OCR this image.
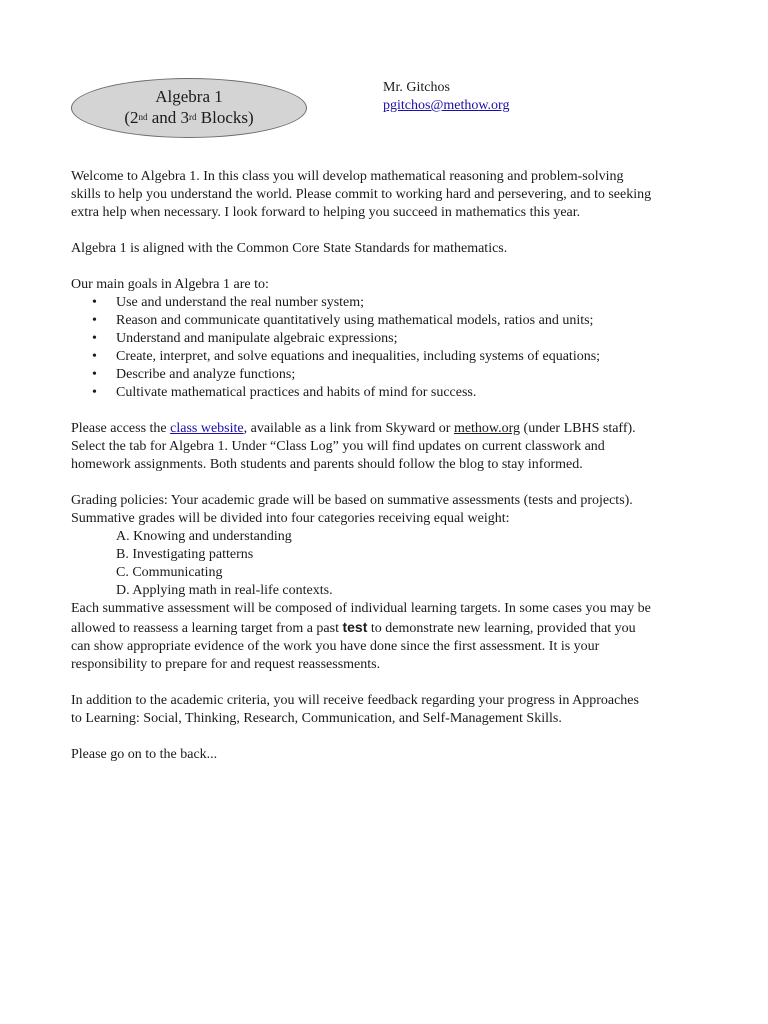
Algebra 1
(2nd and 3rd Blocks)
Mr. Gitchos
pgitchos@methow.org

Welcome to Algebra 1. In this class you will develop mathematical reasoning and problem-solving

skills to help you understand the world. Please commit to working hard and persevering, and to seeking

extra help when necessary. I look forward to helping you succeed in mathematics this year.

Algebra 1 is aligned with the Common Core State Standards for mathematics.

Our main goals in Algebra 1 are to:

• Use and understand the real number system;
• Reason and communicate quantitatively using mathematical models, ratios and units;
• Understand and manipulate algebraic expressions;
• Create, interpret, and solve equations and inequalities, including systems of equations;
• Describe and analyze functions;
• Cultivate mathematical practices and habits of mind for success.

Please access the class website, available as a link from Skyward or methow.org (under LBHS staff).

Select the tab for Algebra 1. Under “Class Log” you will find updates on current classwork and

homework assignments. Both students and parents should follow the blog to stay informed.

Grading policies: Your academic grade will be based on summative assessments (tests and projects).

Summative grades will be divided into four categories receiving equal weight:

A. Knowing and understanding
B. Investigating patterns
C. Communicating
D. Applying math in real-life contexts.

Each summative assessment will be composed of individual learning targets. In some cases you may be

allowed to reassess a learning target from a past test to demonstrate new learning, provided that you

can show appropriate evidence of the work you have done since the first assessment. It is your

responsibility to prepare for and request reassessments.

In addition to the academic criteria, you will receive feedback regarding your progress in Approaches

to Learning: Social, Thinking, Research, Communication, and Self-Management Skills.

Please go on to the back...
